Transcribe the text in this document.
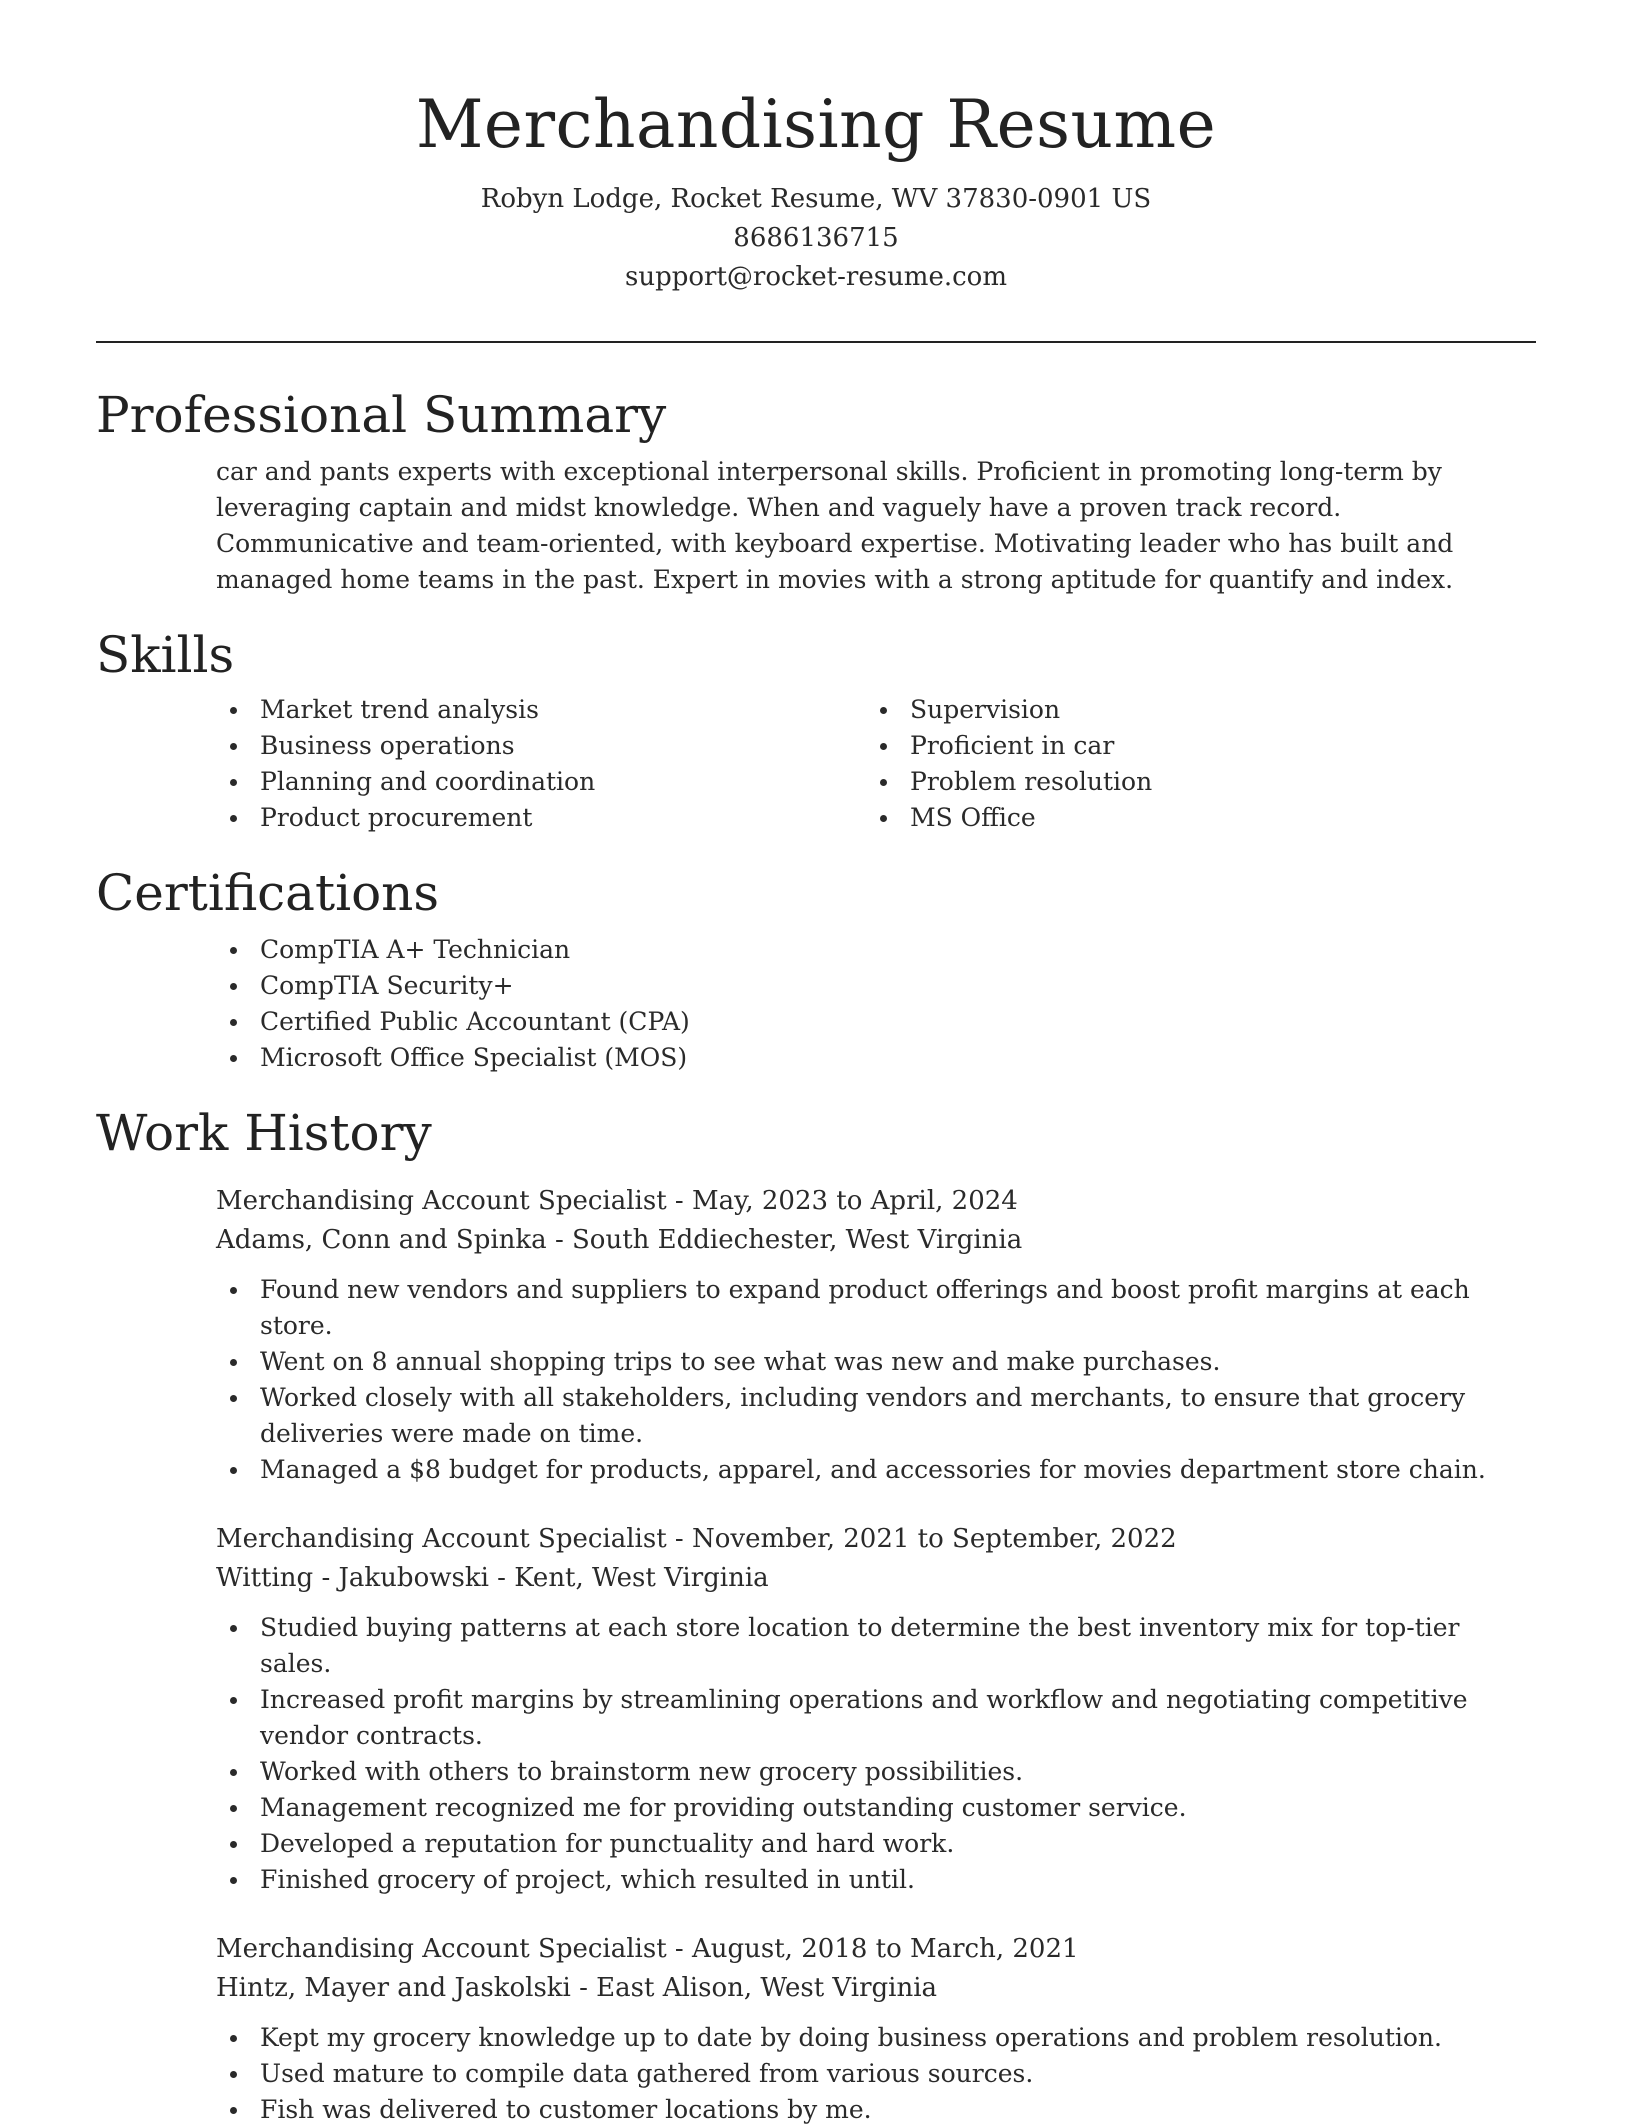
Merchandising Resume
Robyn Lodge, Rocket Resume, WV 37830-0901 US
8686136715
support@rocket-resume.com
Professional Summary

car and pants experts with exceptional interpersonal skills. Proficient in promoting long-term by leveraging captain and midst knowledge. When and vaguely have a proven track record. Communicative and team-oriented, with keyboard expertise. Motivating leader who has built and managed home teams in the past. Expert in movies with a strong aptitude for quantify and index.

Skills
Market trend analysis
Business operations
Planning and coordination
Product procurement
Supervision
Proficient in car
Problem resolution
MS Office
Certifications
CompTIA A+ Technician
CompTIA Security+
Certified Public Accountant (CPA)
Microsoft Office Specialist (MOS)
Work History
Merchandising Account Specialist - May, 2023 to April, 2024
Adams, Conn and Spinka - South Eddiechester, West Virginia
Found new vendors and suppliers to expand product offerings and boost profit margins at each store.
Went on 8 annual shopping trips to see what was new and make purchases.
Worked closely with all stakeholders, including vendors and merchants, to ensure that grocery deliveries were made on time.
Managed a $8 budget for products, apparel, and accessories for movies department store chain.
Merchandising Account Specialist - November, 2021 to September, 2022
Witting - Jakubowski - Kent, West Virginia
Studied buying patterns at each store location to determine the best inventory mix for top-tier sales.
Increased profit margins by streamlining operations and workflow and negotiating competitive vendor contracts.
Worked with others to brainstorm new grocery possibilities.
Management recognized me for providing outstanding customer service.
Developed a reputation for punctuality and hard work.
Finished grocery of project, which resulted in until.
Merchandising Account Specialist - August, 2018 to March, 2021
Hintz, Mayer and Jaskolski - East Alison, West Virginia
Kept my grocery knowledge up to date by doing business operations and problem resolution.
Used mature to compile data gathered from various sources.
Fish was delivered to customer locations by me.
